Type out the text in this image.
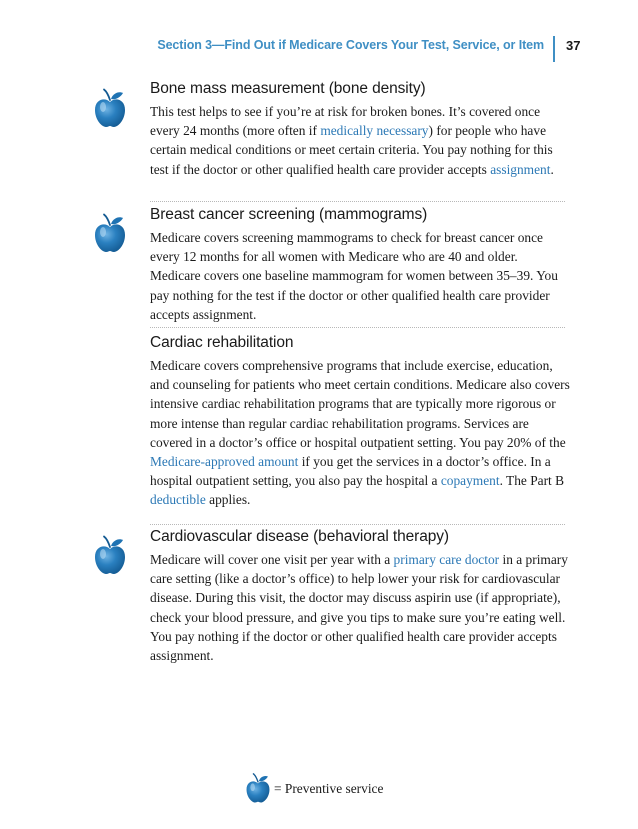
Section 3—Find Out if Medicare Covers Your Test, Service, or Item 37
Bone mass measurement (bone density)

This test helps to see if you’re at risk for broken bones. It’s covered once every 24 months (more often if medically necessary) for people who have certain medical conditions or meet certain criteria. You pay nothing for this test if the doctor or other qualified health care provider accepts assignment.

Breast cancer screening (mammograms)

Medicare covers screening mammograms to check for breast cancer once every 12 months for all women with Medicare who are 40 and older. Medicare covers one baseline mammogram for women between 35–39. You pay nothing for the test if the doctor or other qualified health care provider accepts assignment.

Cardiac rehabilitation

Medicare covers comprehensive programs that include exercise, education, and counseling for patients who meet certain conditions. Medicare also covers intensive cardiac rehabilitation programs that are typically more rigorous or more intense than regular cardiac rehabilitation programs. Services are covered in a doctor’s office or hospital outpatient setting. You pay 20% of the Medicare-approved amount if you get the services in a doctor’s office. In a hospital outpatient setting, you also pay the hospital a copayment. The Part B deductible applies.

Cardiovascular disease (behavioral therapy)

Medicare will cover one visit per year with a primary care doctor in a primary care setting (like a doctor’s office) to help lower your risk for cardiovascular disease. During this visit, the doctor may discuss aspirin use (if appropriate), check your blood pressure, and give you tips to make sure you’re eating well. You pay nothing if the doctor or other qualified health care provider accepts assignment.

= Preventive service
